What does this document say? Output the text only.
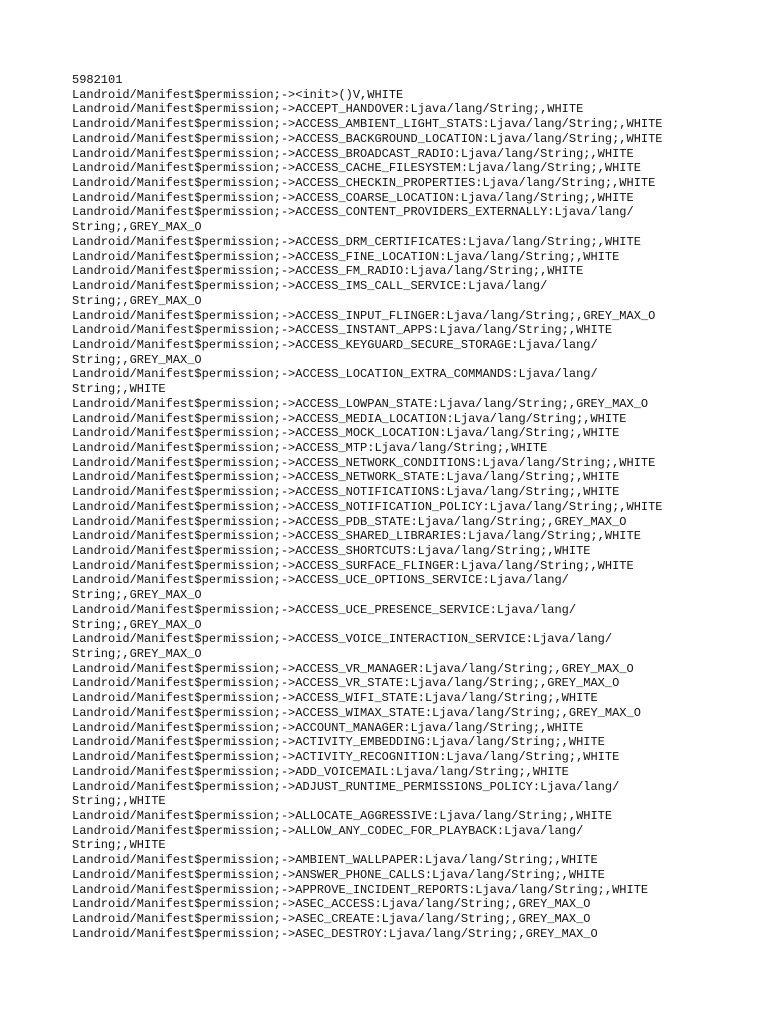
5982101
Landroid/Manifest$permission;-><init>()V,WHITE
Landroid/Manifest$permission;->ACCEPT_HANDOVER:Ljava/lang/String;,WHITE
Landroid/Manifest$permission;->ACCESS_AMBIENT_LIGHT_STATS:Ljava/lang/String;,WHITE
Landroid/Manifest$permission;->ACCESS_BACKGROUND_LOCATION:Ljava/lang/String;,WHITE
Landroid/Manifest$permission;->ACCESS_BROADCAST_RADIO:Ljava/lang/String;,WHITE
Landroid/Manifest$permission;->ACCESS_CACHE_FILESYSTEM:Ljava/lang/String;,WHITE
Landroid/Manifest$permission;->ACCESS_CHECKIN_PROPERTIES:Ljava/lang/String;,WHITE
Landroid/Manifest$permission;->ACCESS_COARSE_LOCATION:Ljava/lang/String;,WHITE
Landroid/Manifest$permission;->ACCESS_CONTENT_PROVIDERS_EXTERNALLY:Ljava/lang/
String;,GREY_MAX_O
Landroid/Manifest$permission;->ACCESS_DRM_CERTIFICATES:Ljava/lang/String;,WHITE
Landroid/Manifest$permission;->ACCESS_FINE_LOCATION:Ljava/lang/String;,WHITE
Landroid/Manifest$permission;->ACCESS_FM_RADIO:Ljava/lang/String;,WHITE
Landroid/Manifest$permission;->ACCESS_IMS_CALL_SERVICE:Ljava/lang/
String;,GREY_MAX_O
Landroid/Manifest$permission;->ACCESS_INPUT_FLINGER:Ljava/lang/String;,GREY_MAX_O
Landroid/Manifest$permission;->ACCESS_INSTANT_APPS:Ljava/lang/String;,WHITE
Landroid/Manifest$permission;->ACCESS_KEYGUARD_SECURE_STORAGE:Ljava/lang/
String;,GREY_MAX_O
Landroid/Manifest$permission;->ACCESS_LOCATION_EXTRA_COMMANDS:Ljava/lang/
String;,WHITE
Landroid/Manifest$permission;->ACCESS_LOWPAN_STATE:Ljava/lang/String;,GREY_MAX_O
Landroid/Manifest$permission;->ACCESS_MEDIA_LOCATION:Ljava/lang/String;,WHITE
Landroid/Manifest$permission;->ACCESS_MOCK_LOCATION:Ljava/lang/String;,WHITE
Landroid/Manifest$permission;->ACCESS_MTP:Ljava/lang/String;,WHITE
Landroid/Manifest$permission;->ACCESS_NETWORK_CONDITIONS:Ljava/lang/String;,WHITE
Landroid/Manifest$permission;->ACCESS_NETWORK_STATE:Ljava/lang/String;,WHITE
Landroid/Manifest$permission;->ACCESS_NOTIFICATIONS:Ljava/lang/String;,WHITE
Landroid/Manifest$permission;->ACCESS_NOTIFICATION_POLICY:Ljava/lang/String;,WHITE
Landroid/Manifest$permission;->ACCESS_PDB_STATE:Ljava/lang/String;,GREY_MAX_O
Landroid/Manifest$permission;->ACCESS_SHARED_LIBRARIES:Ljava/lang/String;,WHITE
Landroid/Manifest$permission;->ACCESS_SHORTCUTS:Ljava/lang/String;,WHITE
Landroid/Manifest$permission;->ACCESS_SURFACE_FLINGER:Ljava/lang/String;,WHITE
Landroid/Manifest$permission;->ACCESS_UCE_OPTIONS_SERVICE:Ljava/lang/
String;,GREY_MAX_O
Landroid/Manifest$permission;->ACCESS_UCE_PRESENCE_SERVICE:Ljava/lang/
String;,GREY_MAX_O
Landroid/Manifest$permission;->ACCESS_VOICE_INTERACTION_SERVICE:Ljava/lang/
String;,GREY_MAX_O
Landroid/Manifest$permission;->ACCESS_VR_MANAGER:Ljava/lang/String;,GREY_MAX_O
Landroid/Manifest$permission;->ACCESS_VR_STATE:Ljava/lang/String;,GREY_MAX_O
Landroid/Manifest$permission;->ACCESS_WIFI_STATE:Ljava/lang/String;,WHITE
Landroid/Manifest$permission;->ACCESS_WIMAX_STATE:Ljava/lang/String;,GREY_MAX_O
Landroid/Manifest$permission;->ACCOUNT_MANAGER:Ljava/lang/String;,WHITE
Landroid/Manifest$permission;->ACTIVITY_EMBEDDING:Ljava/lang/String;,WHITE
Landroid/Manifest$permission;->ACTIVITY_RECOGNITION:Ljava/lang/String;,WHITE
Landroid/Manifest$permission;->ADD_VOICEMAIL:Ljava/lang/String;,WHITE
Landroid/Manifest$permission;->ADJUST_RUNTIME_PERMISSIONS_POLICY:Ljava/lang/
String;,WHITE
Landroid/Manifest$permission;->ALLOCATE_AGGRESSIVE:Ljava/lang/String;,WHITE
Landroid/Manifest$permission;->ALLOW_ANY_CODEC_FOR_PLAYBACK:Ljava/lang/
String;,WHITE
Landroid/Manifest$permission;->AMBIENT_WALLPAPER:Ljava/lang/String;,WHITE
Landroid/Manifest$permission;->ANSWER_PHONE_CALLS:Ljava/lang/String;,WHITE
Landroid/Manifest$permission;->APPROVE_INCIDENT_REPORTS:Ljava/lang/String;,WHITE
Landroid/Manifest$permission;->ASEC_ACCESS:Ljava/lang/String;,GREY_MAX_O
Landroid/Manifest$permission;->ASEC_CREATE:Ljava/lang/String;,GREY_MAX_O
Landroid/Manifest$permission;->ASEC_DESTROY:Ljava/lang/String;,GREY_MAX_O
